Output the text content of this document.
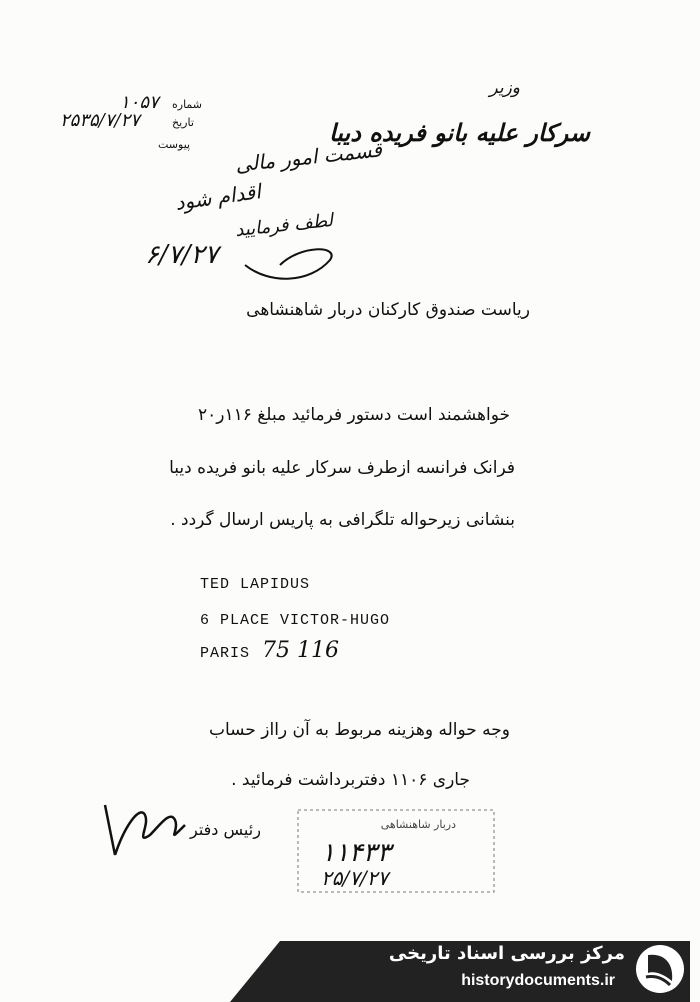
وزیر
سرکار علیه بانو فریده دیبا
شماره
۱۰۵۷
تاریخ
۲۵۳۵/۷/۲۷
پیوست قسمت امور مالی
اقدام شود
لطف فرمایید
۶/۷/۲۷
ریاست صندوق کارکنان دربار شاهنشاهی
خواهشمند است دستور فرمائید مبلغ ۱۱۶ر۲۰
فرانک فرانسه ازطرف سرکار علیه بانو فریده دیبا
بنشانی زیرحواله تلگرافی به پاریس ارسال گردد .
TED LAPIDUS
6 PLACE VICTOR-HUGO
PARIS 75 116
وجه حواله وهزینه مربوط به آن رااز حساب
جاری ۱۱۰۶ دفتربرداشت فرمائید .
رئیس دفتر	دربار شاهنشاهی
۱۱۴۳۳
۲۵/۷/۲۷
مرکز بررسی اسناد تاریخی
historydocuments.ir
